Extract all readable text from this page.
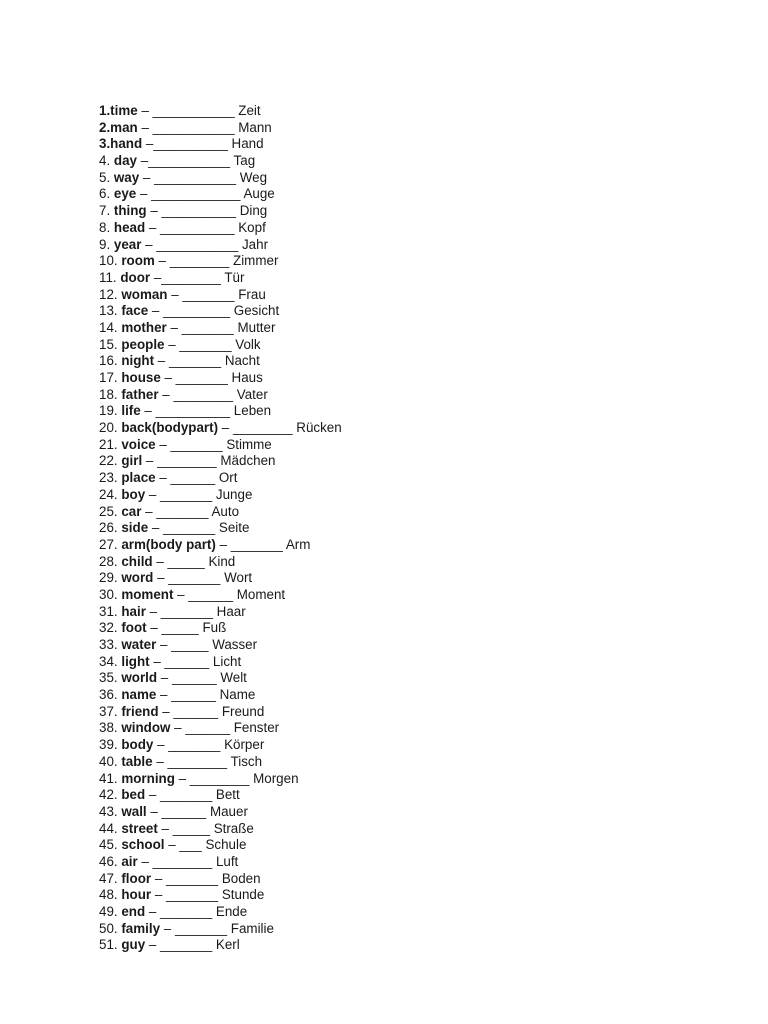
1.time – ___________ Zeit
2.man – ___________ Mann
3.hand –__________ Hand
4. day –___________ Tag
5. way – ___________ Weg
6. eye – ____________ Auge
7. thing – __________ Ding
8. head – __________ Kopf
9. year – ___________ Jahr
10. room – ________ Zimmer
11. door –________ Tür
12. woman – _______ Frau
13. face – _________ Gesicht
14. mother – _______ Mutter
15. people – _______ Volk
16. night – _______ Nacht
17. house – _______ Haus
18. father – ________ Vater
19. life – __________ Leben
20. back(bodypart) – ________ Rücken
21. voice – _______ Stimme
22. girl – ________ Mädchen
23. place – ______ Ort
24. boy – _______ Junge
25. car – _______ Auto
26. side – _______ Seite
27. arm(body part) – _______ Arm
28. child – _____ Kind
29. word – _______ Wort
30. moment – ______ Moment
31. hair – _______ Haar
32. foot – _____ Fuß
33. water – _____ Wasser
34. light – ______ Licht
35. world – ______ Welt
36. name – ______ Name
37. friend – ______ Freund
38. window – ______ Fenster
39. body – _______ Körper
40. table – ________ Tisch
41. morning – ________ Morgen
42. bed – _______ Bett
43. wall – ______ Mauer
44. street – _____ Straße
45. school – ___ Schule
46. air – ________ Luft
47. floor – _______ Boden
48. hour – _______ Stunde
49. end – _______ Ende
50. family – _______ Familie
51. guy – _______ Kerl
